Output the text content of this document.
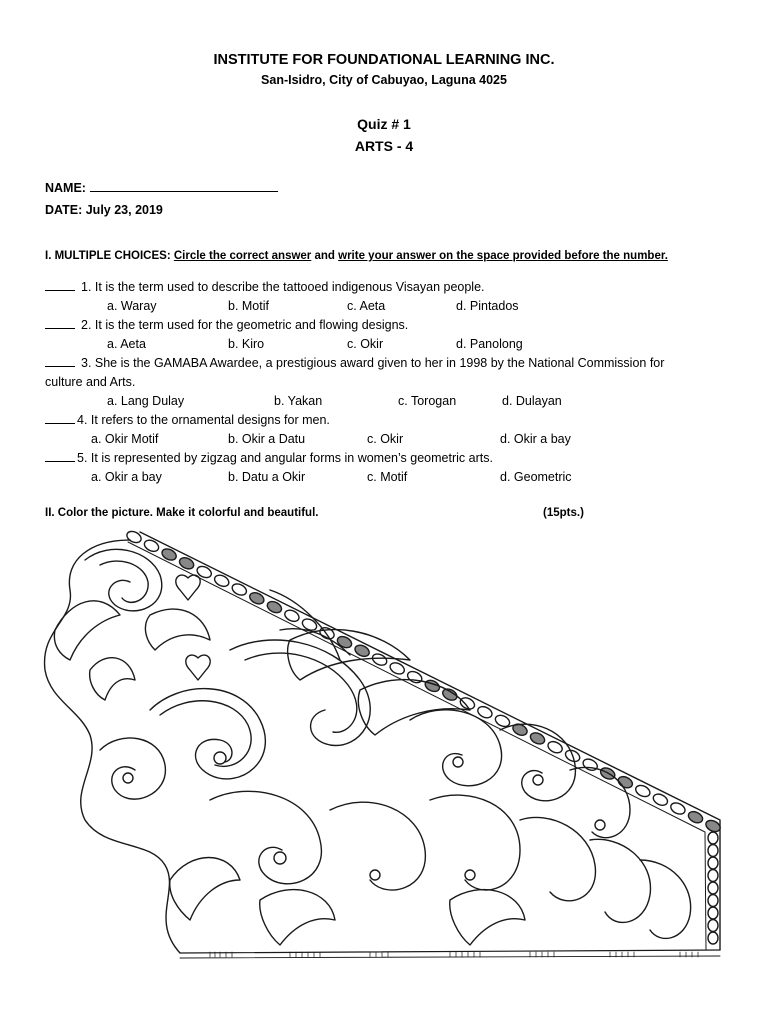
INSTITUTE FOR FOUNDATIONAL LEARNING INC.
San-Isidro, City of Cabuyao, Laguna 4025
Quiz # 1
ARTS - 4
NAME:
DATE: July 23, 2019
I. MULTIPLE CHOICES: Circle the correct answer and write your answer on the space provided before the number.
1. It is the term used to describe the tattooed indigenous Visayan people.
a. Waray	b. Motif	c. Aeta	d. Pintados
2. It is the term used for the geometric and flowing designs.
a. Aeta	b. Kiro	c. Okir	d. Panolong
3. She is the GAMABA Awardee, a prestigious award given to her in 1998 by the National Commission for
culture and Arts.
a. Lang Dulay	b. Yakan	c. Torogan	d. Dulayan
4. It refers to the ornamental designs for men.
a. Okir Motif	b. Okir a Datu	c. Okir	d. Okir a bay
5. It is represented by zigzag and angular forms in women’s geometric arts.
a. Okir a bay	b. Datu a Okir	c. Motif	d. Geometric
II. Color the picture. Make it colorful and beautiful.	(15pts.)
